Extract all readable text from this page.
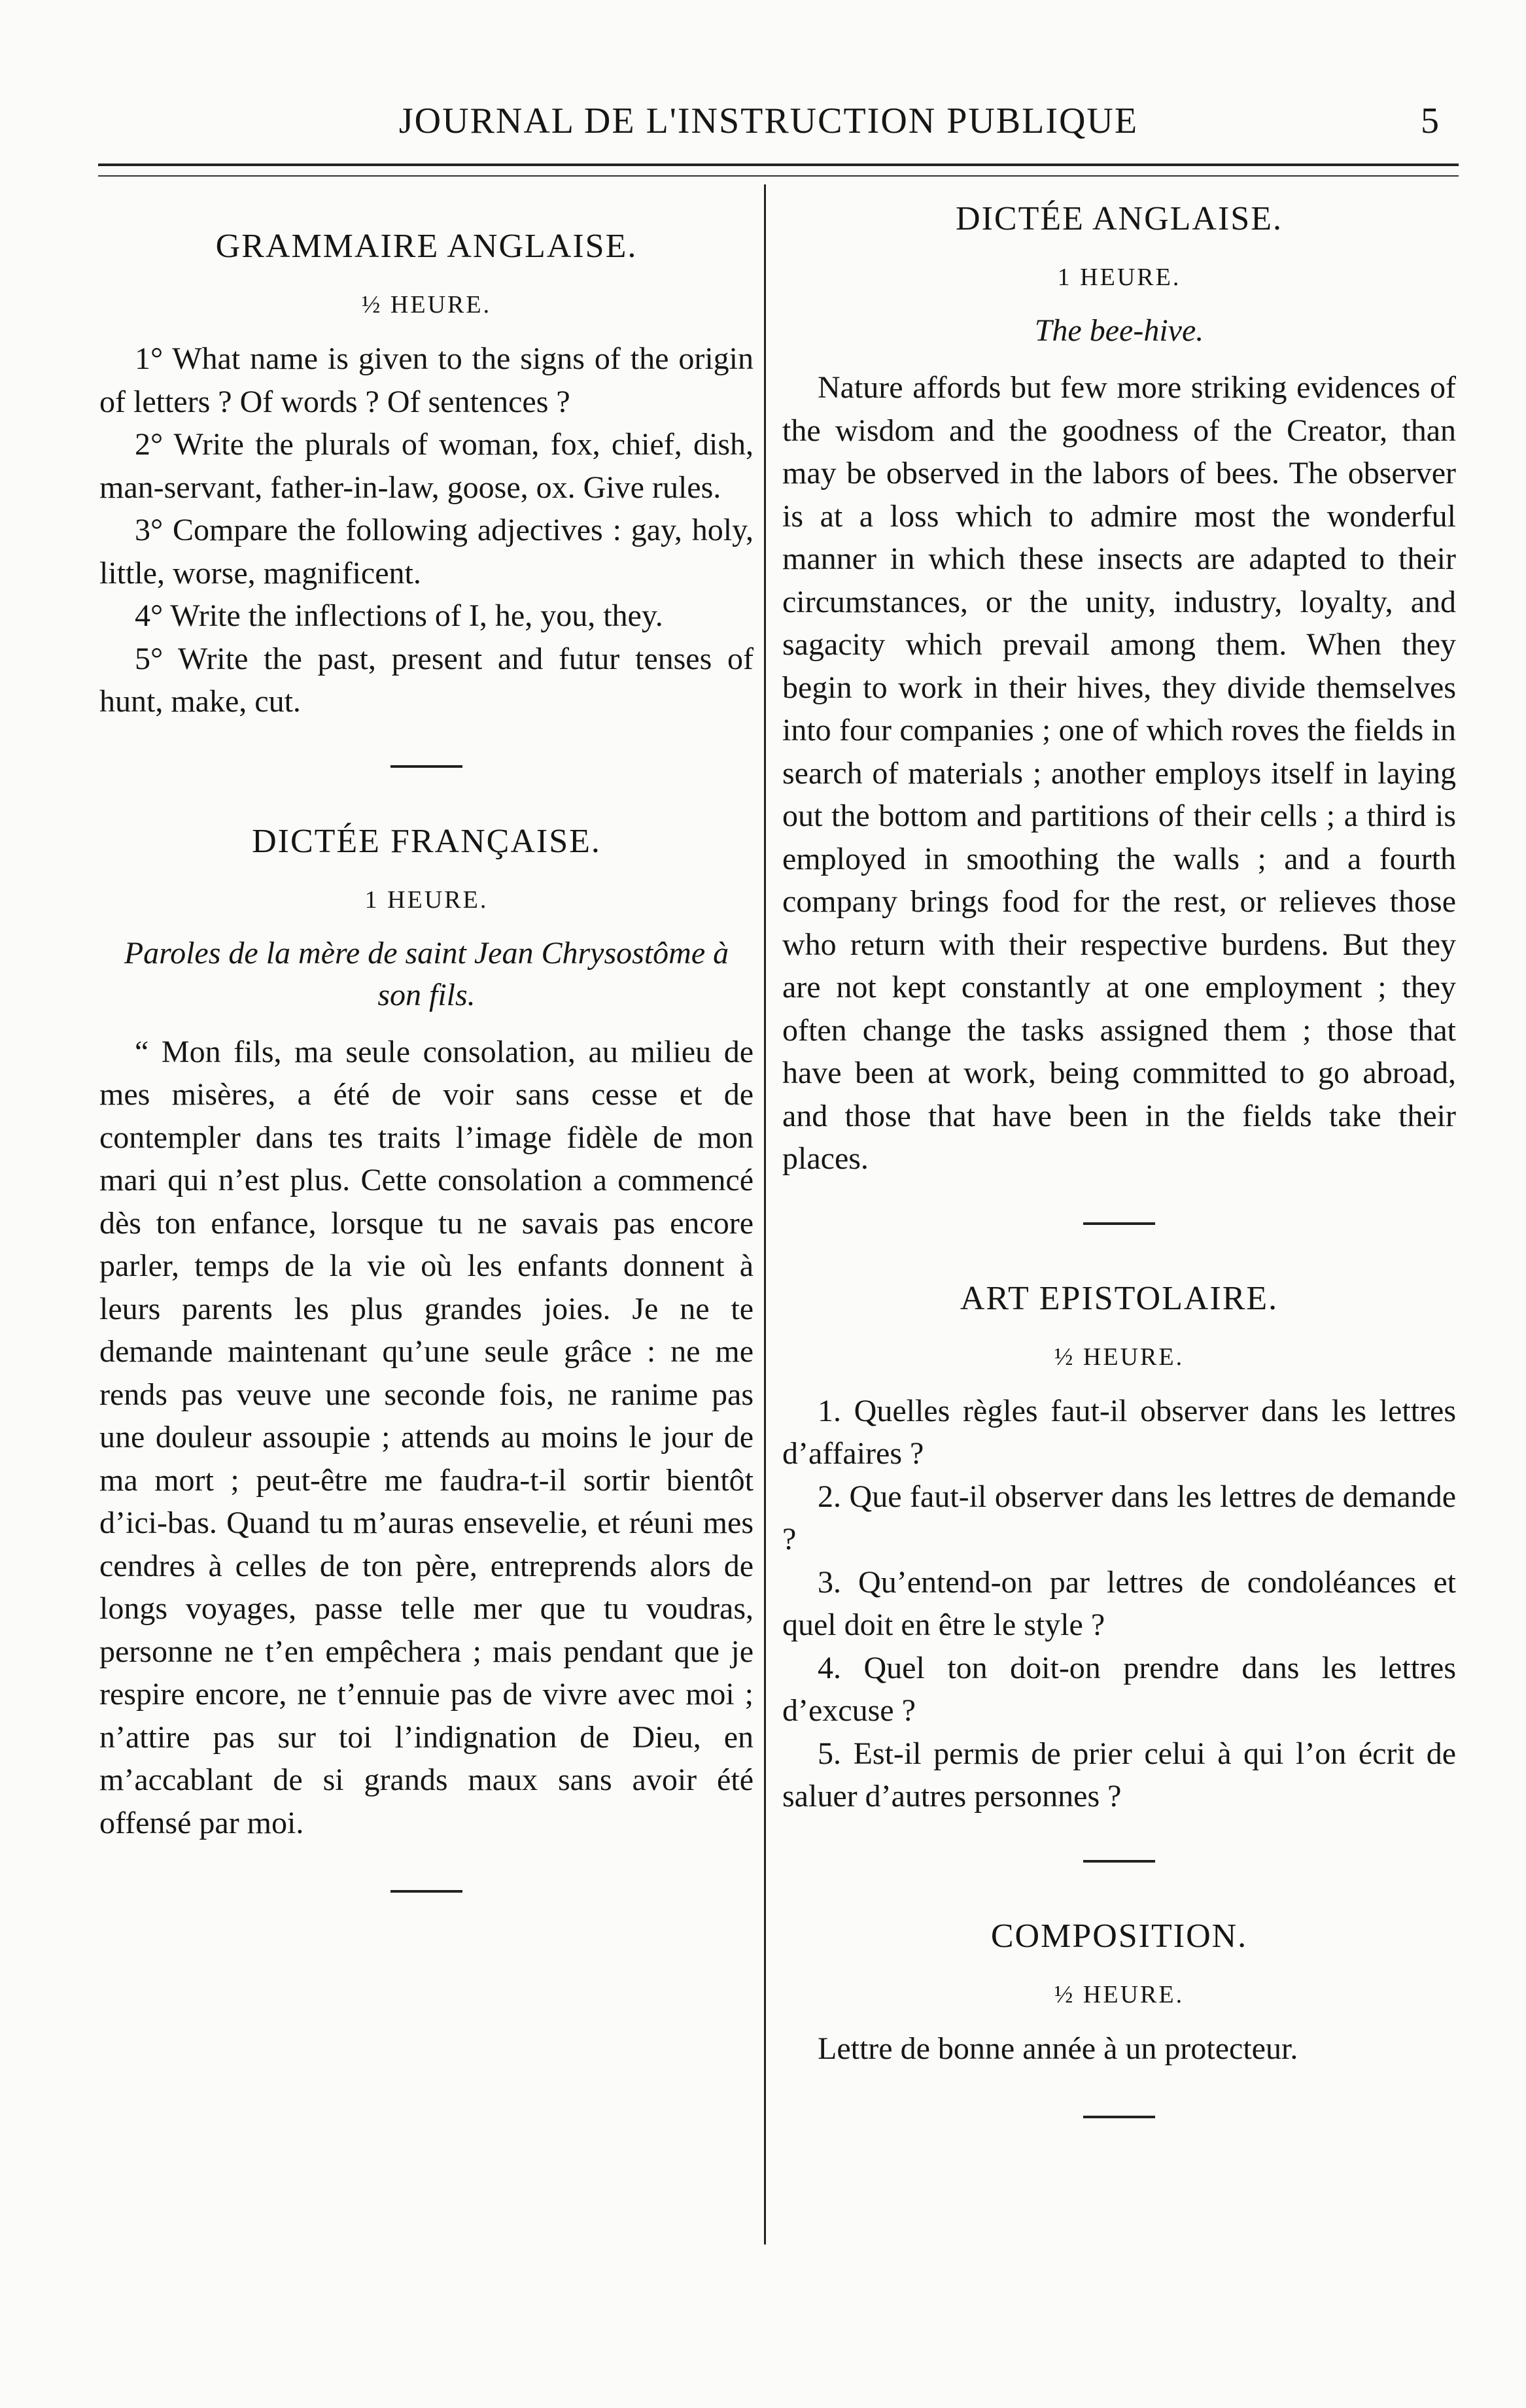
JOURNAL DE L'INSTRUCTION PUBLIQUE	5
GRAMMAIRE ANGLAISE.
½ HEURE.

1° What name is given to the signs of the origin of letters ? Of words ? Of sentences ?

2° Write the plurals of woman, fox, chief, dish, man-servant, father-in-law, goose, ox. Give rules.

3° Compare the following adjectives : gay, holy, little, worse, magnificent.

4° Write the inflections of I, he, you, they.

5° Write the past, present and futur tenses of hunt, make, cut.

DICTÉE FRANÇAISE.
1 HEURE.
Paroles de la mère de saint Jean Chrysostôme à son fils.

“ Mon fils, ma seule consolation, au milieu de mes misères, a été de voir sans cesse et de contempler dans tes traits l’image fidèle de mon mari qui n’est plus. Cette consolation a commencé dès ton enfance, lorsque tu ne savais pas encore parler, temps de la vie où les enfants donnent à leurs parents les plus grandes joies. Je ne te demande maintenant qu’une seule grâce : ne me rends pas veuve une seconde fois, ne ranime pas une douleur assoupie ; attends au moins le jour de ma mort ; peut-être me faudra-t-il sortir bientôt d’ici-bas. Quand tu m’auras ensevelie, et réuni mes cendres à celles de ton père, entreprends alors de longs voyages, passe telle mer que tu voudras, personne ne t’en empêchera ; mais pendant que je respire encore, ne t’ennuie pas de vivre avec moi ; n’attire pas sur toi l’indignation de Dieu, en m’accablant de si grands maux sans avoir été offensé par moi.

DICTÉE ANGLAISE.
1 HEURE.
The bee-hive.

Nature affords but few more striking evidences of the wisdom and the goodness of the Creator, than may be observed in the labors of bees. The observer is at a loss which to admire most the wonderful manner in which these insects are adapted to their circumstances, or the unity, industry, loyalty, and sagacity which prevail among them. When they begin to work in their hives, they divide themselves into four companies ; one of which roves the fields in search of materials ; another employs itself in laying out the bottom and partitions of their cells ; a third is employed in smoothing the walls ; and a fourth company brings food for the rest, or relieves those who return with their respective burdens. But they are not kept constantly at one employment ; they often change the tasks assigned them ; those that have been at work, being committed to go abroad, and those that have been in the fields take their places.

ART EPISTOLAIRE.
½ HEURE.

1. Quelles règles faut-il observer dans les lettres d’affaires ?

2. Que faut-il observer dans les lettres de demande ?

3. Qu’entend-on par lettres de condoléances et quel doit en être le style ?

4. Quel ton doit-on prendre dans les lettres d’excuse ?

5. Est-il permis de prier celui à qui l’on écrit de saluer d’autres personnes ?

COMPOSITION.
½ HEURE.

Lettre de bonne année à un protecteur.
